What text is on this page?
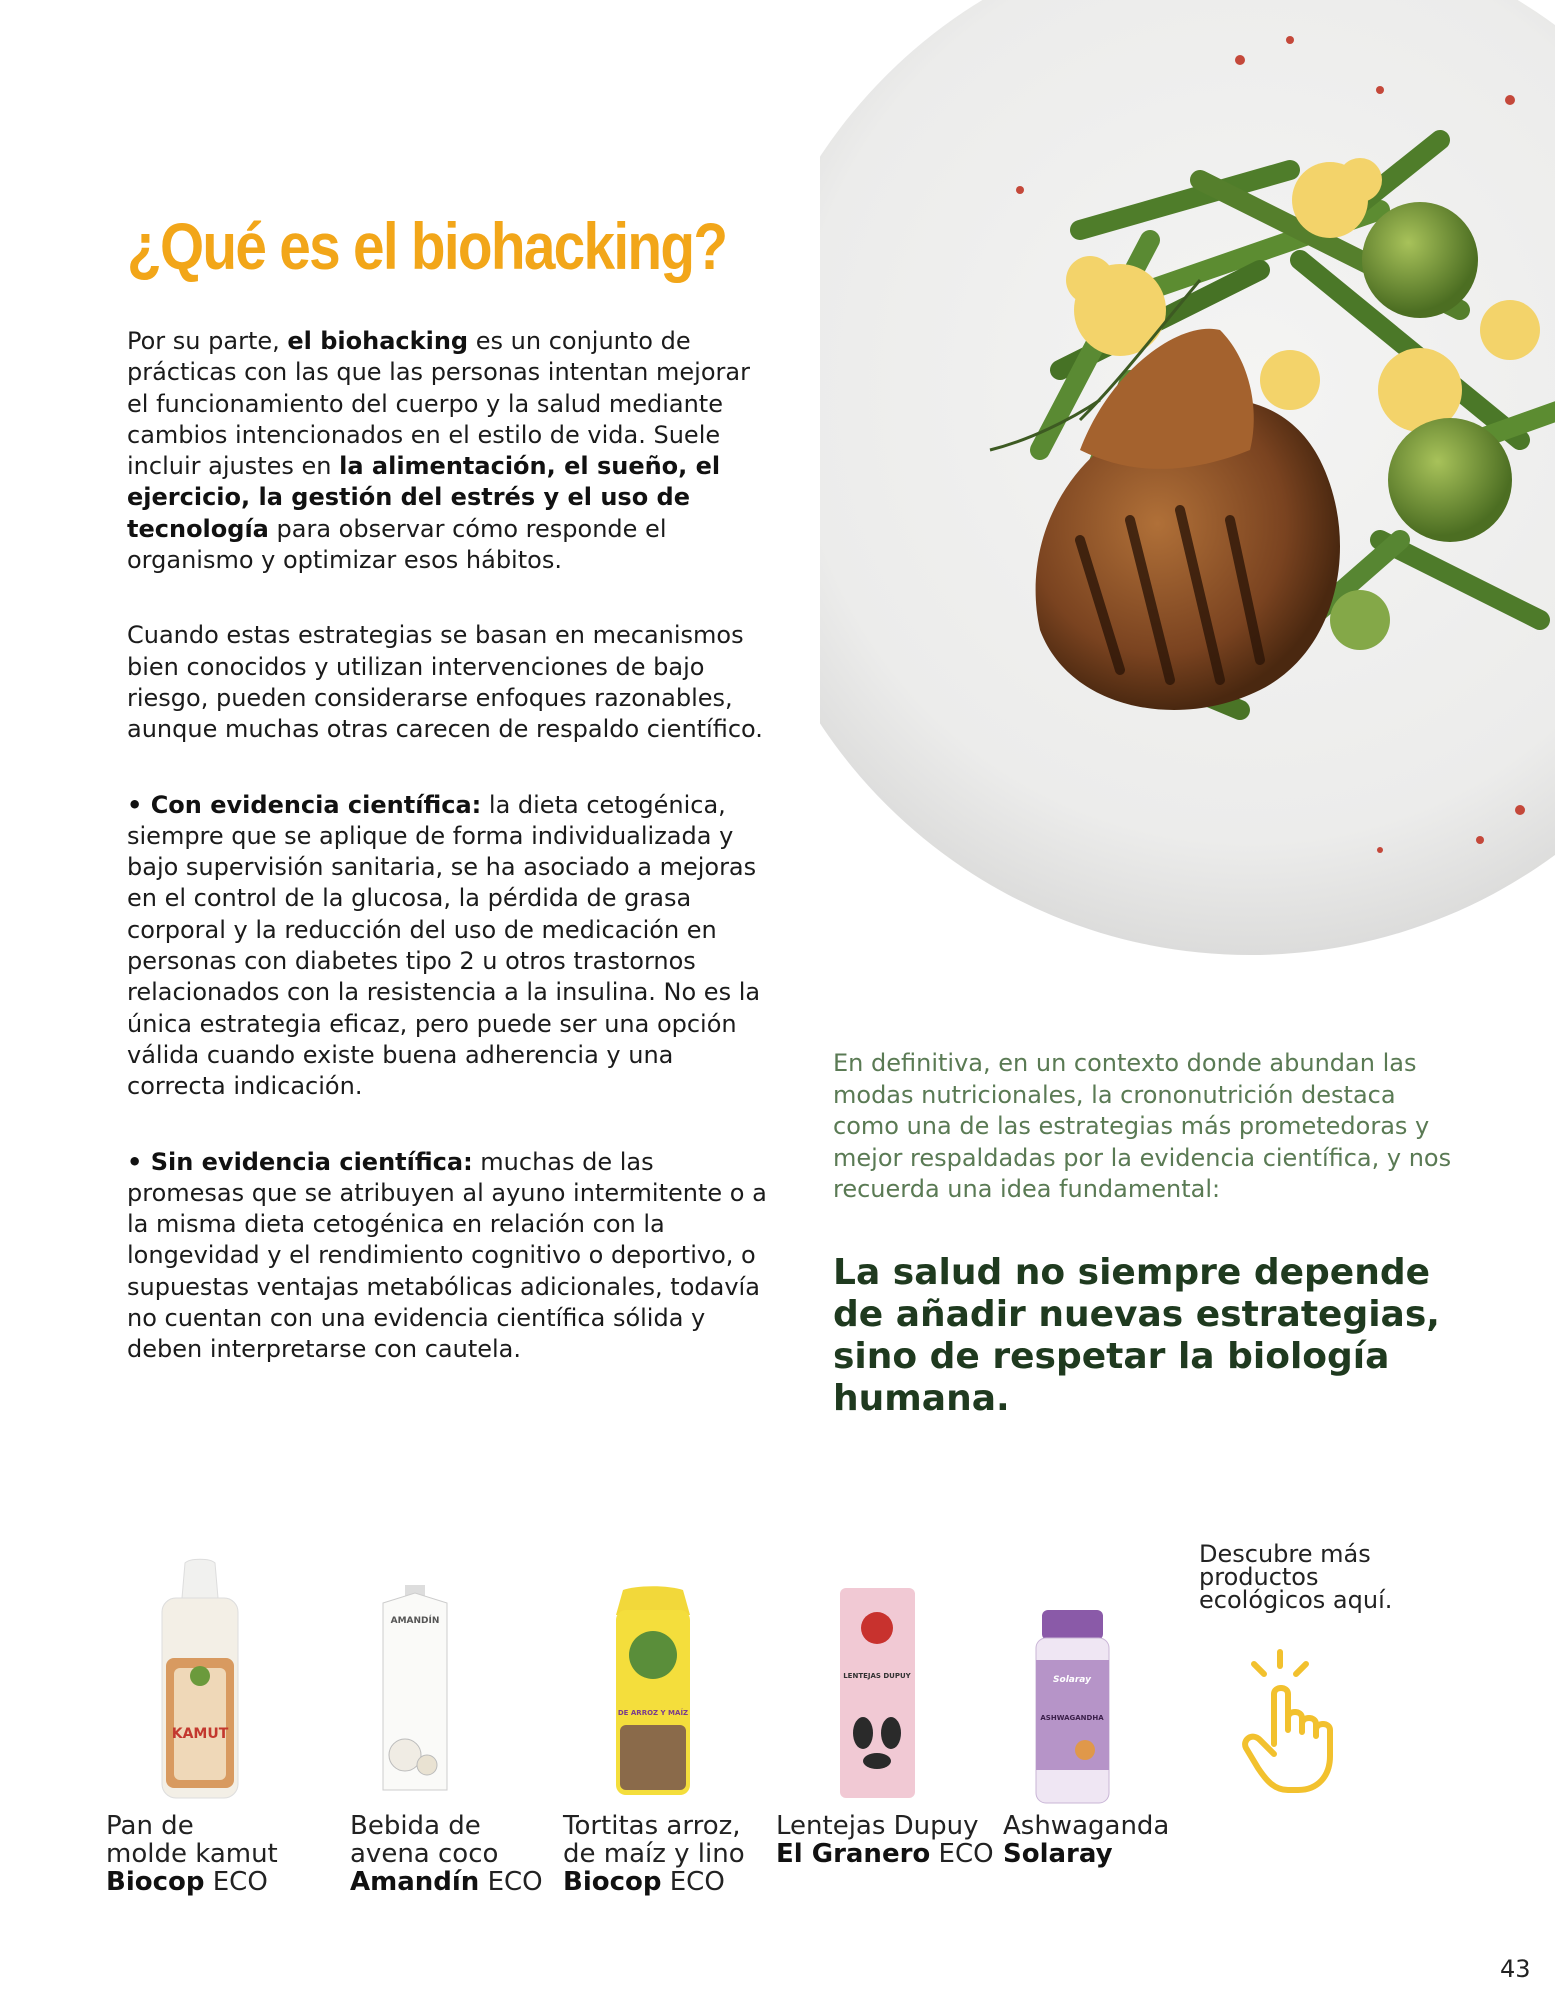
¿Qué es el biohacking?

Por su parte, el biohacking es un conjunto de prácticas con las que las personas intentan mejorar el funcionamiento del cuerpo y la salud mediante cambios intencionados en el estilo de vida. Suele incluir ajustes en la alimentación, el sueño, el ejercicio, la gestión del estrés y el uso de tecnología para observar cómo responde el organismo y optimizar esos hábitos.

Cuando estas estrategias se basan en mecanismos bien conocidos y utilizan intervenciones de bajo riesgo, pueden considerarse enfoques razonables, aunque muchas otras carecen de respaldo científico.

• Con evidencia científica: la dieta cetogénica, siempre que se aplique de forma individualizada y bajo supervisión sanitaria, se ha asociado a mejoras en el control de la glucosa, la pérdida de grasa corporal y la reducción del uso de medicación en personas con diabetes tipo 2 u otros trastornos relacionados con la resistencia a la insulina. No es la única estrategia eficaz, pero puede ser una opción válida cuando existe buena adherencia y una correcta indicación.

• Sin evidencia científica: muchas de las promesas que se atribuyen al ayuno intermitente o a la misma dieta cetogénica en relación con la longevidad y el rendimiento cognitivo o deportivo, o supuestas ventajas metabólicas adicionales, todavía no cuentan con una evidencia científica sólida y deben interpretarse con cautela.

En definitiva, en un contexto donde abundan las modas nutricionales, la crononutrición destaca como una de las estrategias más prometedoras y mejor respaldadas por la evidencia científica, y nos recuerda una idea fundamental:

La salud no siempre depende de añadir nuevas estrategias, sino de respetar la biología humana.

KAMUT

Pan de
molde kamut
Biocop ECO

AMANDÍN

Bebida de
avena coco
Amandín ECO

DE ARROZ Y MAÍZ

Tortitas arroz,
de maíz y lino
Biocop ECO

LENTEJAS DUPUY

Lentejas Dupuy
El Granero ECO

Solaray
ASHWAGANDHA

Ashwaganda
Solaray

Descubre más productos ecológicos aquí.

43
